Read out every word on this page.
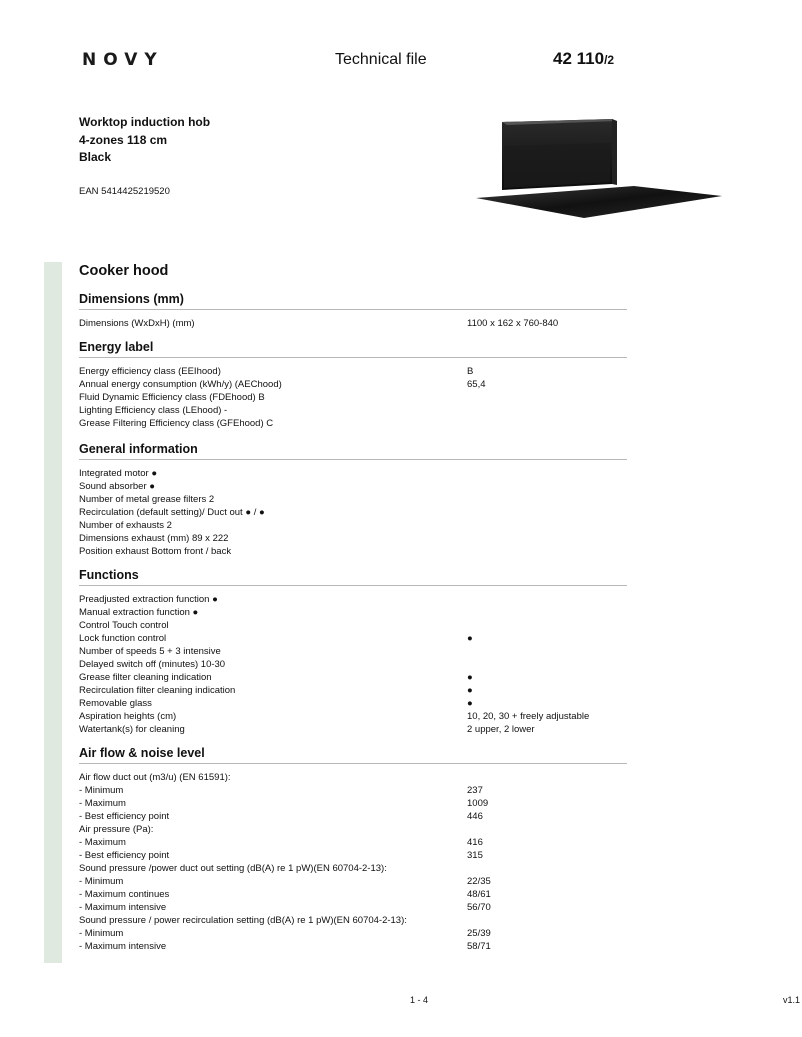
NOVY	Technical file	42 110/2
Worktop induction hob
4-zones 118 cm
Black
EAN 5414425219520
Cooker hood
Dimensions (mm)
Dimensions (WxDxH) (mm)	1100 x 162 x 760-840
Energy label
Energy efficiency class (EEIhood)	B
Annual energy consumption (kWh/y) (AEChood)	65,4
Fluid Dynamic Efficiency class (FDEhood) B
Lighting Efficiency class (LEhood) -
Grease Filtering Efficiency class (GFEhood) C
General information
Integrated motor ●
Sound absorber ●
Number of metal grease filters 2
Recirculation (default setting)/ Duct out ● / ●
Number of exhausts 2
Dimensions exhaust (mm) 89 x 222
Position exhaust Bottom front / back
Functions
Preadjusted extraction function ●
Manual extraction function ●
Control Touch control
Lock function control	●
Number of speeds 5 + 3 intensive
Delayed switch off (minutes) 10-30
Grease filter cleaning indication	●
Recirculation filter cleaning indication	●
Removable glass	●
Aspiration heights (cm)	10, 20, 30 + freely adjustable
Watertank(s) for cleaning	2 upper, 2 lower
Air flow & noise level
Air flow duct out (m3/u) (EN 61591):
- Minimum	237
- Maximum	1009
- Best efficiency point	446
Air pressure (Pa):
- Maximum	416
- Best efficiency point	315
Sound pressure /power duct out setting (dB(A) re 1 pW)(EN 60704-2-13):
- Minimum	22/35
- Maximum continues	48/61
- Maximum intensive	56/70
Sound pressure / power recirculation setting (dB(A) re 1 pW)(EN 60704-2-13):
- Minimum	25/39
- Maximum intensive	58/71
1 - 4	v1.1
